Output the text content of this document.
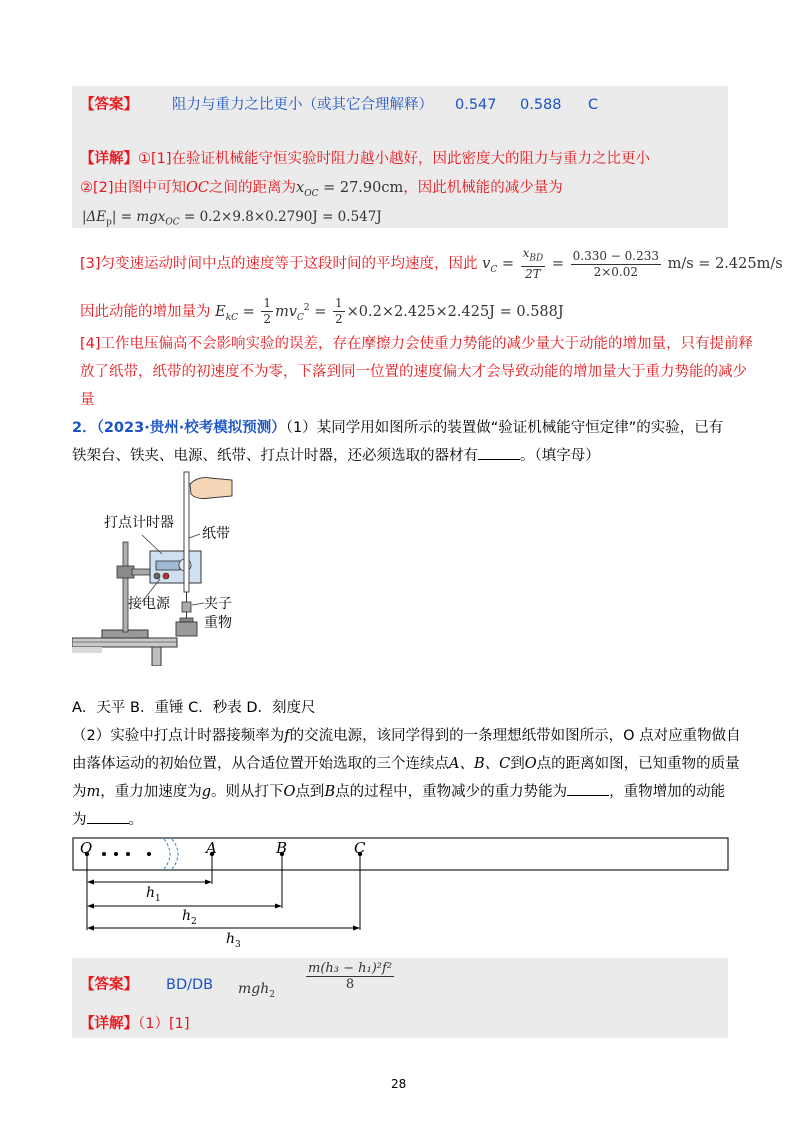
【答案】 阻力与重力之比更小（或其它合理解释） 0.547 0.588 C
【详解】①[1]在验证机械能守恒实验时阻力越小越好，因此密度大的阻力与重力之比更小
②[2]由图中可知OC之间的距离为$x_{OC} = 27.90cm$，因此机械能的减少量为
$|\Delta E_p| = mgx_{OC} = 0.2\times 9.8\times 0.2790J = 0.547J$
[3]匀变速运动时间中点的速度等于这段时间的平均速度，因此 $v_C = \frac{x_{BD}}{2T} = \frac{0.330 - 0.233}{2\times 0.02} m/s = 2.425m/s$
因此动能的增加量为 $E_{kC} = \frac{1}{2} mv_C^2 = \frac{1}{2} \times 0.2\times 2.425\times 2.425J = 0.588J$
[4]工作电压偏高不会影响实验的误差，存在摩擦力会使重力势能的减少量大于动能的增加量，只有提前释
放了纸带，纸带的初速度不为零，下落到同一位置的速度偏大才会导致动能的增加量大于重力势能的减少
量
2．（2023·贵州·校考模拟预测）（1）某同学用如图所示的装置做“验证机械能守恒定律”的实验，已有
铁架台、铁夹、电源、纸带、打点计时器，还必须选取的器材有	。（填字母）
打点计时器
纸带
接电源 夹子
重物
A．天平 B．重锤 C．秒表 D．刻度尺
（2）实验中打点计时器接频率为f的交流电源，该同学得到的一条理想纸带如图所示，O 点对应重物做自
由落体运动的初始位置，从合适位置开始选取的三个连续点A、B、C到O点的距离如图，已知重物的质量
为m，重力加速度为g。则从打下O点到B点的过程中，重物减少的重力势能为	，重物增加的动能
为	。
O	A	B	C
$h_1$
$h_2$
$h_3$
【答案】 BD/DB mgh$_2$
$\frac{\text{m(h₃ − h₁)²f²}}{8}$
【详解】（1）[1]
28
